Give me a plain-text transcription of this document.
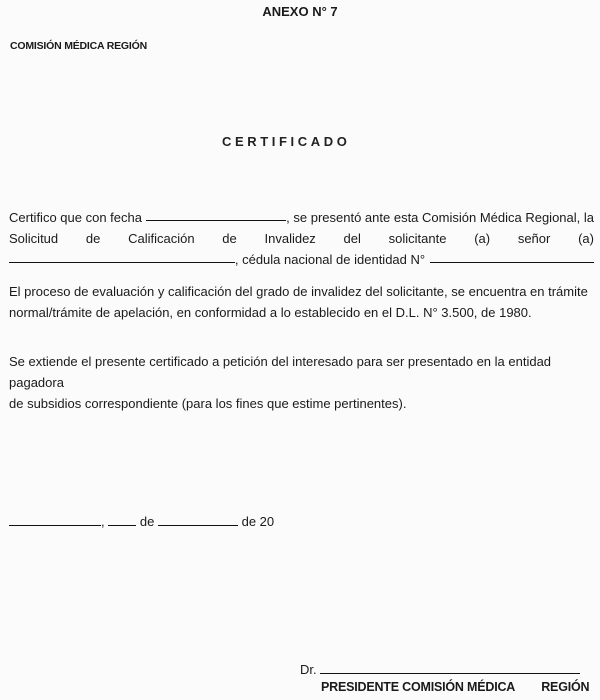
ANEXO N° 7
COMISIÓN MÉDICA REGIÓN
CERTIFICADO
Certifico que con fecha	, se presentó ante esta Comisión Médica Regional, la
Solicitud de Calificación de Invalidez del solicitante (a) señor (a)
, cédula nacional de identidad N°
El proceso de evaluación y calificación del grado de invalidez del solicitante, se encuentra en trámite
normal/trámite de apelación, en conformidad a lo establecido en el D.L. N° 3.500, de 1980.
Se extiende el presente certificado a petición del interesado para ser presentado en la entidad pagadora
de subsidios correspondiente (para los fines que estime pertinentes).
,	de	de 20
Dr.
PRESIDENTE COMISIÓN MÉDICA REGIÓN
